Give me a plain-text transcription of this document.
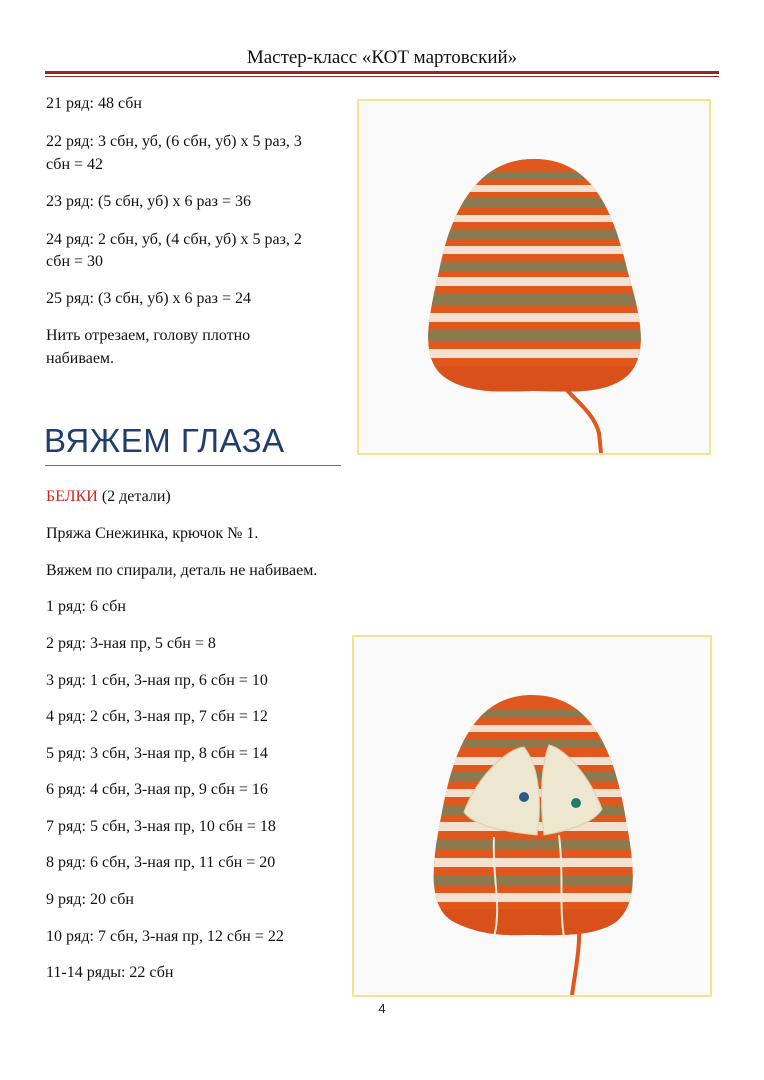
Мастер-класс «КОТ мартовский»

21 ряд: 48 сбн

22 ряд: 3 сбн, уб, (6 сбн, уб) х 5 раз, 3

сбн = 42

23 ряд: (5 сбн, уб) х 6 раз = 36

24 ряд: 2 сбн, уб, (4 сбн, уб) х 5 раз, 2

сбн = 30

25 ряд: (3 сбн, уб) х 6 раз = 24

Нить отрезаем, голову плотно

набиваем.

ВЯЖЕМ ГЛАЗА

БЕЛКИ (2 детали)

Пряжа Снежинка, крючок № 1.

Вяжем по спирали, деталь не набиваем.

1 ряд: 6 сбн

2 ряд: 3-ная пр, 5 сбн = 8

3 ряд: 1 сбн, 3-ная пр, 6 сбн = 10

4 ряд: 2 сбн, 3-ная пр, 7 сбн = 12

5 ряд: 3 сбн, 3-ная пр, 8 сбн = 14

6 ряд: 4 сбн, 3-ная пр, 9 сбн = 16

7 ряд: 5 сбн, 3-ная пр, 10 сбн = 18

8 ряд: 6 сбн, 3-ная пр, 11 сбн = 20

9 ряд: 20 сбн

10 ряд: 7 сбн, 3-ная пр, 12 сбн = 22

11-14 ряды: 22 сбн

4
